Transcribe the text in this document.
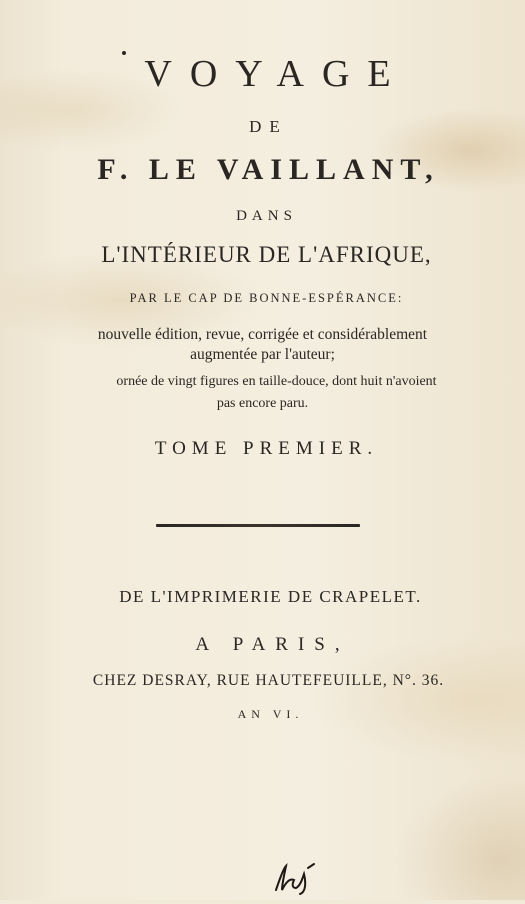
VOYAGE
DE
F. LE VAILLANT,
DANS
L'INTÉRIEUR DE L'AFRIQUE,
PAR LE CAP DE BONNE-ESPÉRANCE:
nouvelle édition, revue, corrigée et considérablement
augmentée par l'auteur;
ornée de vingt figures en taille-douce, dont huit n'avoient
pas encore paru.
TOME PREMIER.
DE L'IMPRIMERIE DE CRAPELET.
A PARIS,
CHEZ DESRAY, RUE HAUTEFEUILLE, N°. 36.
AN VI.
